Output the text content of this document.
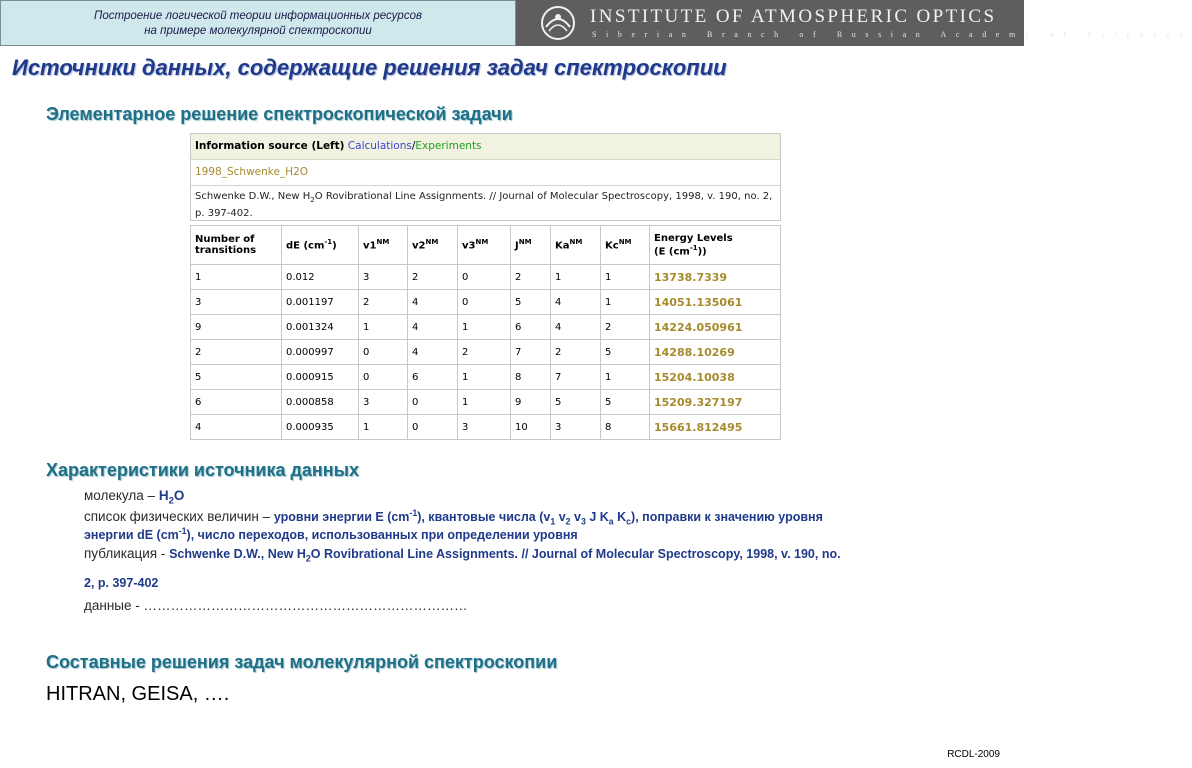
Построение логической теории информационных ресурсов
на примере молекулярной спектроскопии
INSTITUTE OF ATMOSPHERIC OPTICS
Siberian Branch of Russian Academy of Sciences
Источники данных, содержащие решения задач спектроскопии
Элементарное решение спектроскопической задачи
Information source (Left) Calculations/Experiments
1998_Schwenke_H2O
Schwenke D.W., New $H_2O$ Rovibrational Line Assignments. // Journal of Molecular Spectroscopy, 1998, v. 190, no. 2, p. 397-402.
Number of transitions	dE $(cm^{-1})$	$v1^{NM}$	$v2^{NM}$	$v3^{NM}$	$J^{NM}$	$Ka^{NM}$	$Kc^{NM}$	Energy Levels
(E $(cm^{-1})$)
1	0.012	3	2	0	2	1	1	13738.7339
3	0.001197	2	4	0	5	4	1	14051.135061
9	0.001324	1	4	1	6	4	2	14224.050961
2	0.000997	0	4	2	7	2	5	14288.10269
5	0.000915	0	6	1	8	7	1	15204.10038
6	0.000858	3	0	1	9	5	5	15209.327197
4	0.000935	1	0	3	10	3	8	15661.812495
Характеристики источника данных
молекула – $H_2O$
список физических величин – уровни энергии E $(cm^{-1})$, квантовые числа ($v_1$ $v_2$ $v_3$ J $K_a$ $K_c$), поправки к значению уровня
энергии dE $(cm^{-1})$, число переходов, использованных при определении уровня
публикация - Schwenke D.W., New $H_2O$ Rovibrational Line Assignments. // Journal of Molecular Spectroscopy, 1998, v. 190, no.
2, p. 397-402
данные - ………………………………………………………………
Составные решения задач молекулярной спектроскопии
HITRAN, GEISA, ….
RCDL-2009
